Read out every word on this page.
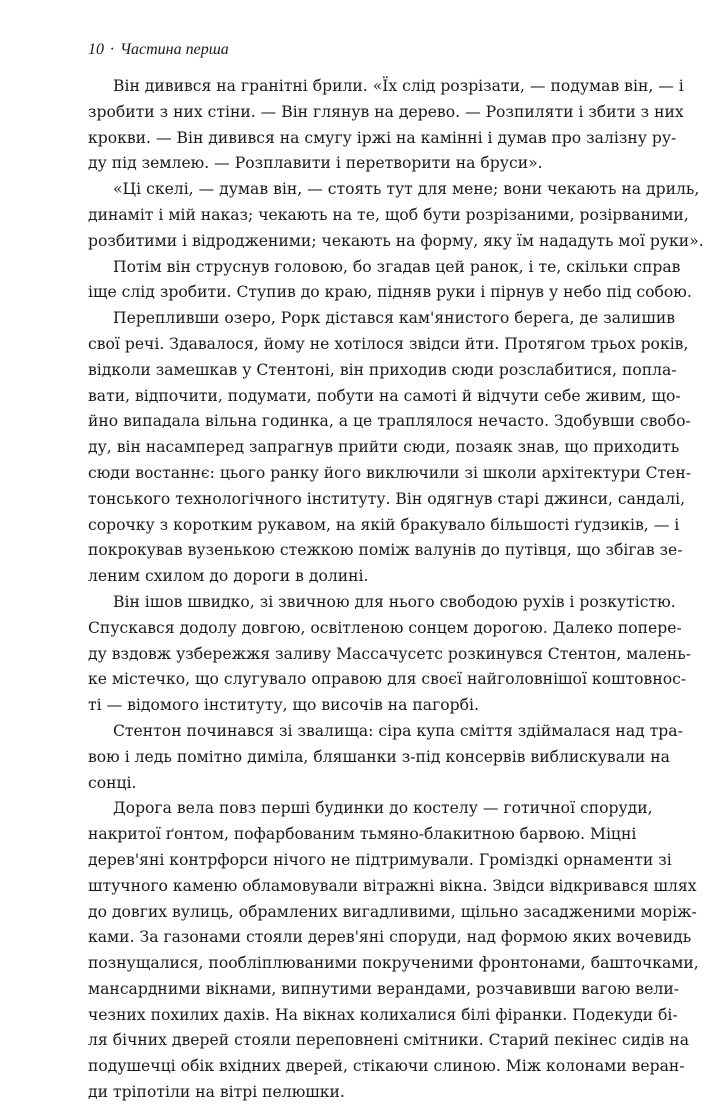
10 · Частина перша
Він дивився на гранітні брили. «Їх слід розрізати, — подумав він, — і
зробити з них стіни. — Він глянув на дерево. — Розпиляти і збити з них
крокви. — Він дивився на смугу іржі на камінні і думав про залізну ру-
ду під землею. — Розплавити і перетворити на бруси».
«Ці скелі, — думав він, — стоять тут для мене; вони чекають на дриль,
динаміт і мій наказ; чекають на те, щоб бути розрізаними, розірваними,
розбитими і відродженими; чекають на форму, яку їм нададуть мої руки».
Потім він струснув головою, бо згадав цей ранок, і те, скільки справ
іще слід зробити. Ступив до краю, підняв руки і пірнув у небо під собою.
Перепливши озеро, Рорк дістався кам'янистого берега, де залишив
свої речі. Здавалося, йому не хотілося звідси йти. Протягом трьох років,
відколи замешкав у Стентоні, він приходив сюди розслабитися, попла-
вати, відпочити, подумати, побути на самоті й відчути себе живим, що-
йно випадала вільна годинка, а це траплялося нечасто. Здобувши свобо-
ду, він насамперед запрагнув прийти сюди, позаяк знав, що приходить
сюди востаннє: цього ранку його виключили зі школи архітектури Стен-
тонського технологічного інституту. Він одягнув старі джинси, сандалі,
сорочку з коротким рукавом, на якій бракувало більшості ґудзиків, — і
покрокував вузенькою стежкою поміж валунів до путівця, що збігав зе-
леним схилом до дороги в долині.
Він ішов швидко, зі звичною для нього свободою рухів і розкутістю.
Спускався додолу довгою, освітленою сонцем дорогою. Далеко попере-
ду вздовж узбережжя заливу Массачусетс розкинувся Стентон, малень-
ке містечко, що слугувало оправою для своєї найголовнішої коштовнос-
ті — відомого інституту, що височів на пагорбі.
Стентон починався зі звалища: сіра купа сміття здіймалася над тра-
вою і ледь помітно диміла, бляшанки з-під консервів виблискували на
сонці.
Дорога вела повз перші будинки до костелу — готичної споруди,
накритої ґонтом, пофарбованим тьмяно-блакитною барвою. Міцні
дерев'яні контрфорси нічого не підтримували. Громіздкі орнаменти зі
штучного каменю обламовували вітражні вікна. Звідси відкривався шлях
до довгих вулиць, обрамлених вигадливими, щільно засадженими моріж-
ками. За газонами стояли дерев'яні споруди, над формою яких вочевидь
познущалися, пообліплюваними покрученими фронтонами, башточками,
мансардними вікнами, випнутими верандами, розчавивши вагою вели-
чезних похилих дахів. На вікнах колихалися білі фіранки. Подекуди бі-
ля бічних дверей стояли переповнені смітники. Старий пекінес сидів на
подушечці обік вхідних дверей, стікаючи слиною. Між колонами веран-
ди тріпотіли на вітрі пелюшки.
